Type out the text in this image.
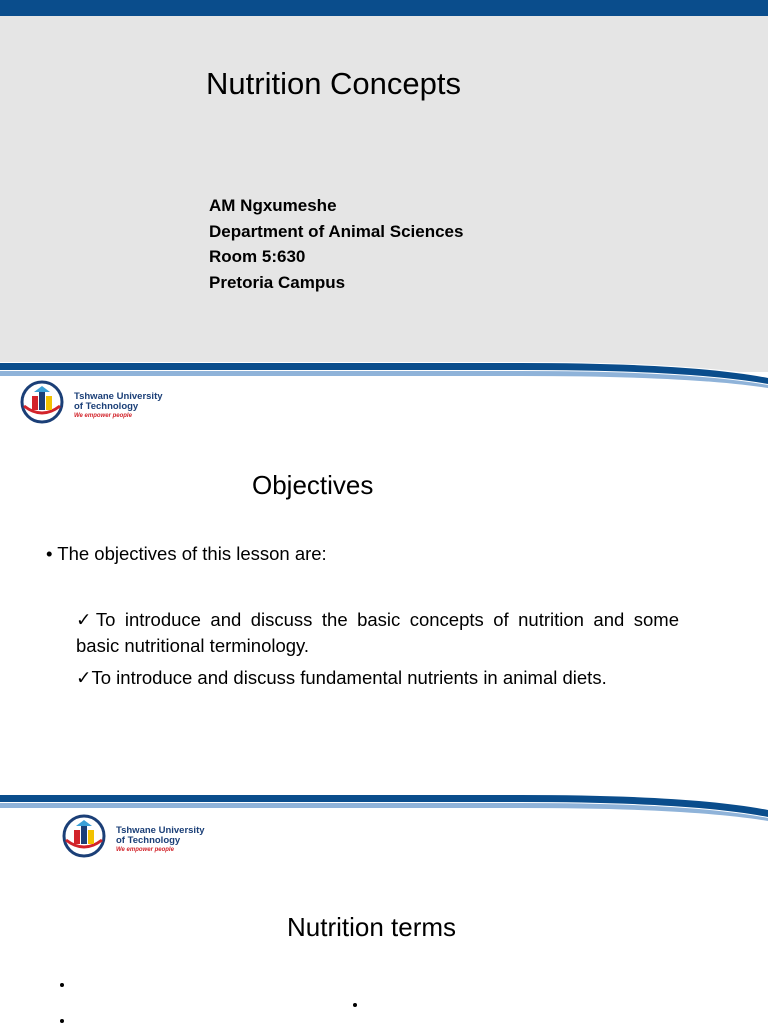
Nutrition Concepts
AM Ngxumeshe
Department of Animal Sciences
Room 5:630
Pretoria Campus
Tshwane University
of Technology
We empower people
Objectives
• The objectives of this lesson are:
✓To introduce and discuss the basic concepts of nutrition and some basic nutritional terminology.
✓To introduce and discuss fundamental nutrients in animal diets.
Tshwane University
of Technology
We empower people
Nutrition terms
